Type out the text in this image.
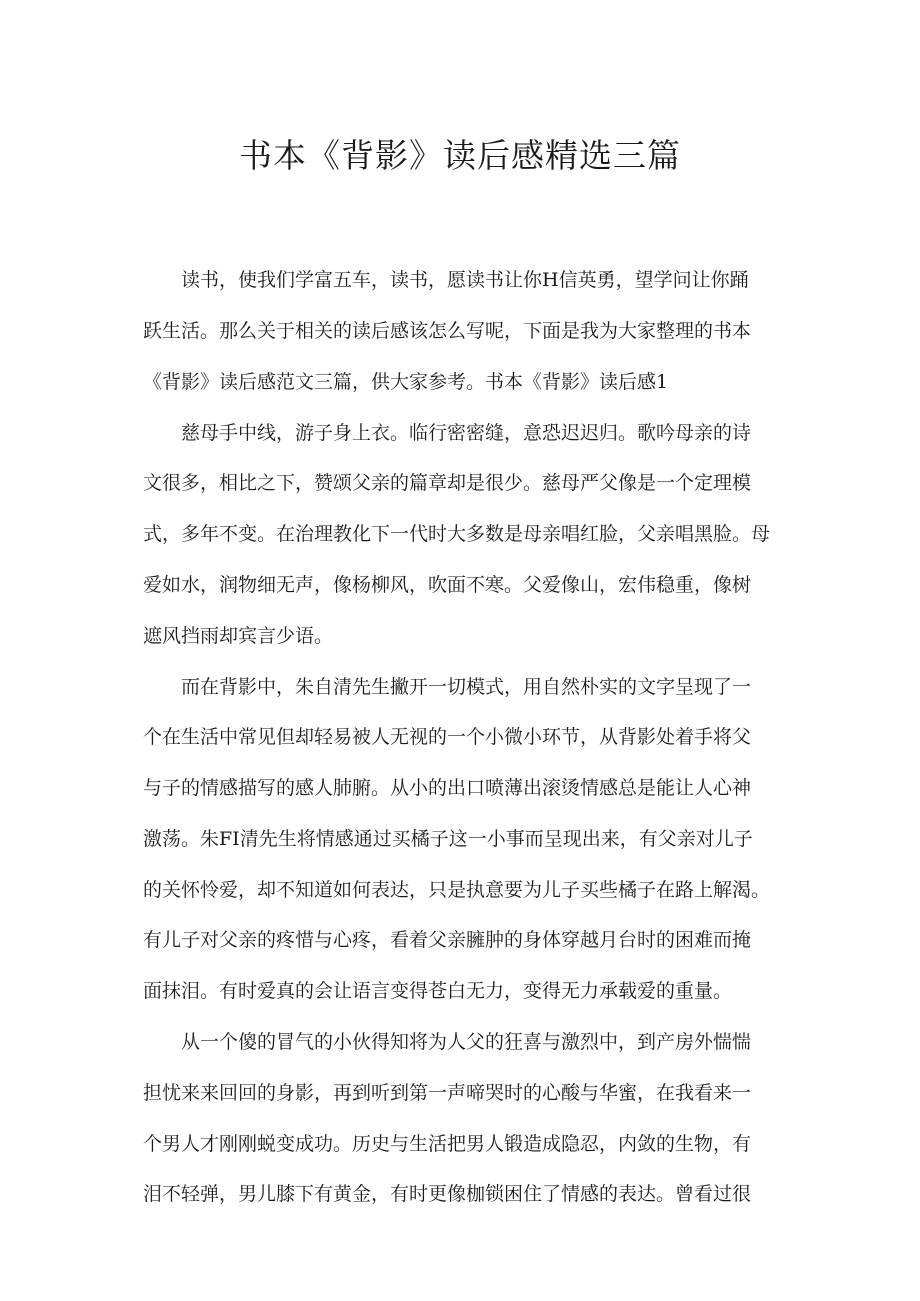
书本《背影》读后感精选三篇
读书，使我们学富五车，读书，愿读书让你H信英勇，望学问让你踊
跃生活。那么关于相关的读后感该怎么写呢，下面是我为大家整理的书本
《背影》读后感范文三篇，供大家参考。书本《背影》读后感1
慈母手中线，游子身上衣。临行密密缝，意恐迟迟归。歌吟母亲的诗
文很多，相比之下，赞颂父亲的篇章却是很少。慈母严父像是一个定理模
式，多年不变。在治理教化下一代时大多数是母亲唱红脸，父亲唱黑脸。母
爱如水，润物细无声，像杨柳风，吹面不寒。父爱像山，宏伟稳重，像树
遮风挡雨却宾言少语。
而在背影中，朱自清先生撇开一切模式，用自然朴实的文字呈现了一
个在生活中常见但却轻易被人无视的一个小微小环节，从背影处着手将父
与子的情感描写的感人肺腑。从小的出口喷薄出滚烫情感总是能让人心神
激荡。朱FI清先生将情感通过买橘子这一小事而呈现出来，有父亲对儿子
的关怀怜爱，却不知道如何表达，只是执意要为儿子买些橘子在路上解渴。
有儿子对父亲的疼惜与心疼，看着父亲臃肿的身体穿越月台时的困难而掩
面抹泪。有时爱真的会让语言变得苍白无力，变得无力承载爱的重量。
从一个傻的冒气的小伙得知将为人父的狂喜与激烈中，到产房外惴惴
担忧来来回回的身影，再到听到第一声啼哭时的心酸与华蜜，在我看来一
个男人才刚刚蜕变成功。历史与生活把男人锻造成隐忍，内敛的生物，有
泪不轻弹，男儿膝下有黄金，有时更像枷锁困住了情感的表达。曾看过很
